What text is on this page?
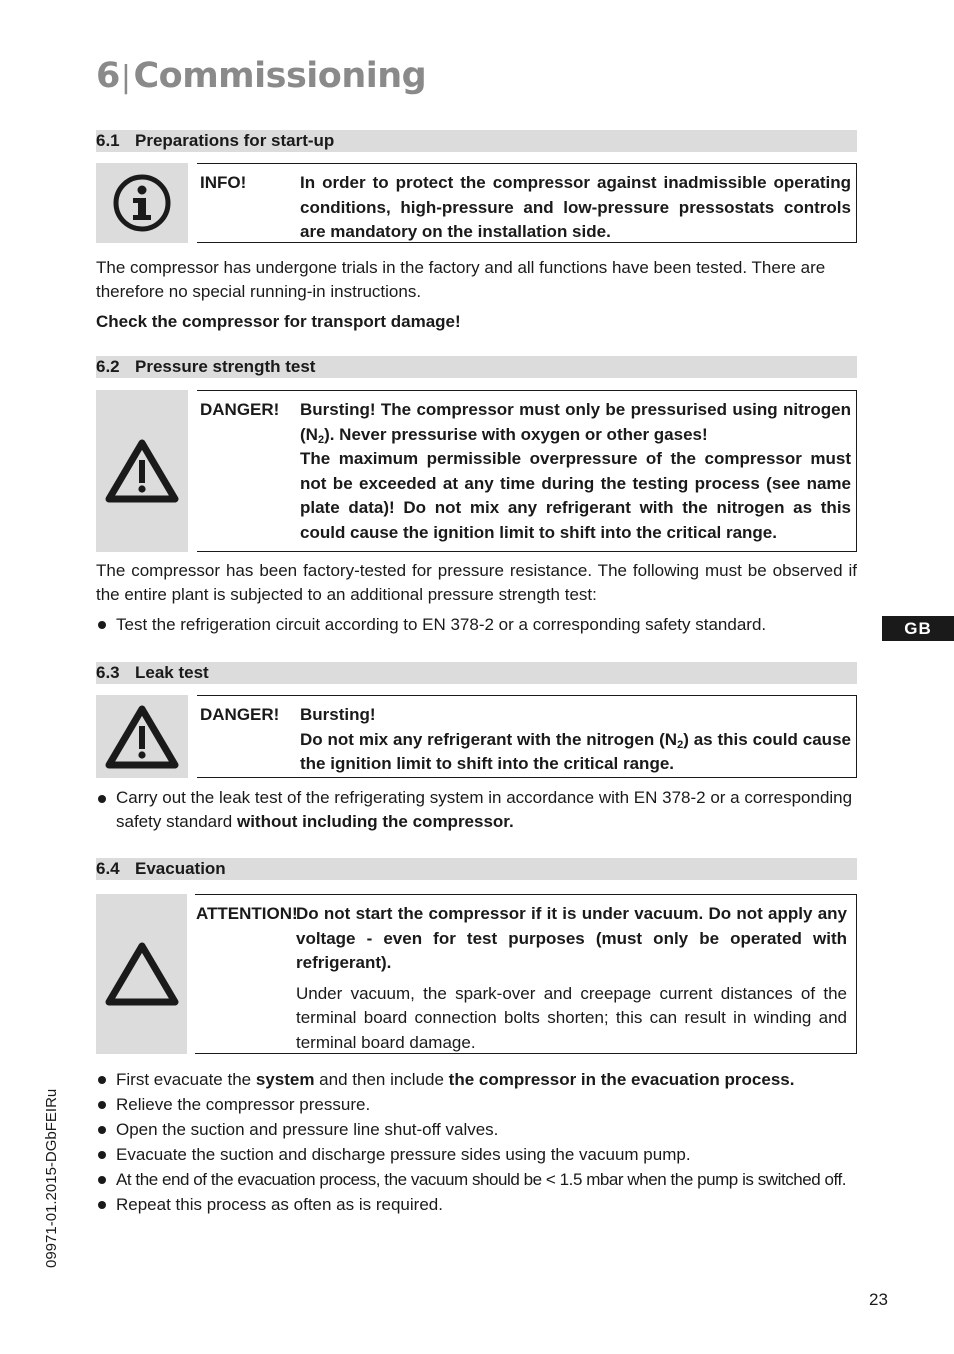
6|Commissioning
6.1 Preparations for start-up
INFO!	In order to protect the compressor against inadmissible operating conditions, high-pressure and low-pressure pressostats controls are mandatory on the installation side.

The compressor has undergone trials in the factory and all functions have been tested. There are therefore no special running-in instructions.

Check the compressor for transport damage!

6.2 Pressure strength test
DANGER! Bursting! The compressor must only be pressurised using nitrogen $(N_2)$. Never pressurise with oxygen or other gases!

The maximum permissible overpressure of the compressor must not be exceeded at any time during the testing process (see name plate data)! Do not mix any refrigerant with the nitrogen as this could cause the ignition limit to shift into the critical range.

The compressor has been factory-tested for pressure resistance. The following must be observed if the entire plant is subjected to an additional pressure strength test:

Test the refrigeration circuit according to EN 378-2 or a corresponding safety standard.
6.3 Leak test
DANGER! Bursting!

Do not mix any refrigerant with the nitrogen $(N_2)$ as this could cause the ignition limit to shift into the critical range.

Carry out the leak test of the refrigerating system in accordance with EN 378-2 or a corresponding safety standard without including the compressor.
6.4 Evacuation
ATTENTION!

Do not start the compressor if it is under vacuum. Do not apply any voltage - even for test purposes (must only be operated with refrigerant).

Under vacuum, the spark-over and creepage current distances of the terminal board connection bolts shorten; this can result in winding and terminal board damage.

First evacuate the system and then include the compressor in the evacuation process.
Relieve the compressor pressure.
Open the suction and pressure line shut-off valves.
Evacuate the suction and discharge pressure sides using the vacuum pump.
At the end of the evacuation process, the vacuum should be < 1.5 mbar when the pump is switched off.
Repeat this process as often as is required.
GB
09971-01.2015-DGbFEIRu
23
